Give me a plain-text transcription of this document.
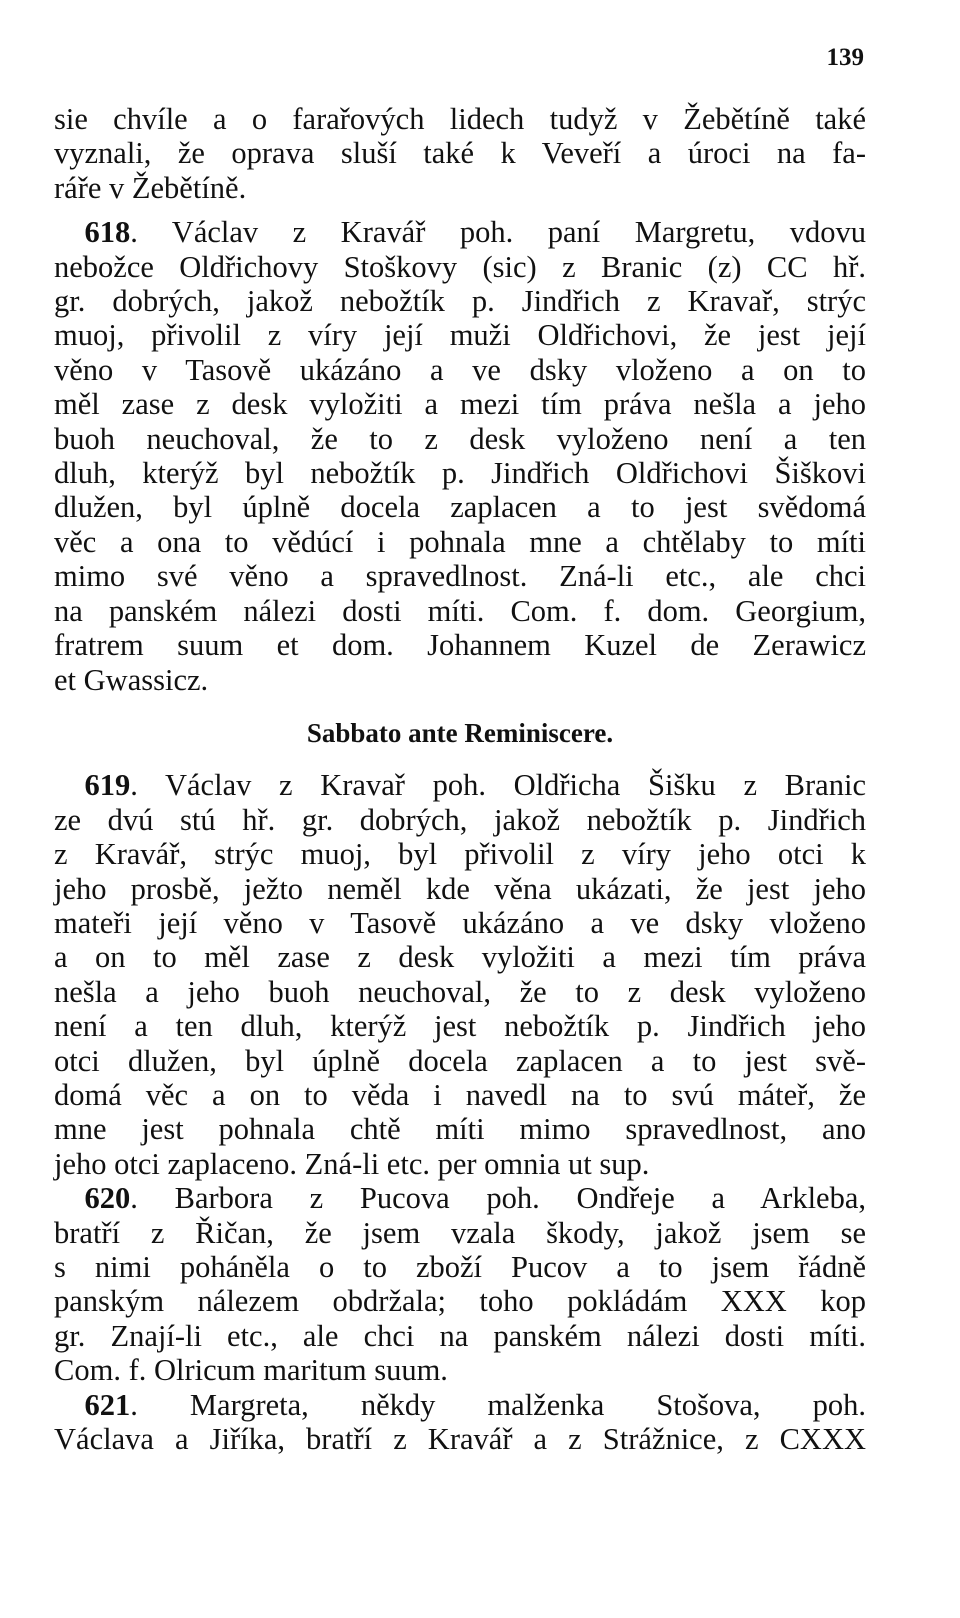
139
sie chvíle a o farařových lidech tudyž v Žebětíně také
vyznali, že oprava sluší také k Veveří a úroci na fa-
ráře v Žebětíně.
 618. Václav z Kravář poh. paní Margretu, vdovu
nebožce Oldřichovy Stoškovy (sic) z Branic (z) CC hř.
gr. dobrých, jakož nebožtík p. Jindřich z Kravař, strýc
muoj, přivolil z víry její muži Oldřichovi, že jest její
věno v Tasově ukázáno a ve dsky vloženo a on to
měl zase z desk vyložiti a mezi tím práva nešla a jeho
buoh neuchoval, že to z desk vyloženo není a ten
dluh, kterýž byl nebožtík p. Jindřich Oldřichovi Šiškovi
dlužen, byl úplně docela zaplacen a to jest svědomá
věc a ona to vědúcí i pohnala mne a chtělaby to míti
mimo své věno a spravedlnost. Zná-li etc., ale chci
na panském nálezi dosti míti. Com. f. dom. Georgium,
fratrem suum et dom. Johannem Kuzel de Zerawicz
et Gwassicz.
Sabbato ante Reminiscere.
 619. Václav z Kravař poh. Oldřicha Šišku z Branic
ze dvú stú hř. gr. dobrých, jakož nebožtík p. Jindřich
z Kravář, strýc muoj, byl přivolil z víry jeho otci k
jeho prosbě, ježto neměl kde věna ukázati, že jest jeho
mateři její věno v Tasově ukázáno a ve dsky vloženo
a on to měl zase z desk vyložiti a mezi tím práva
nešla a jeho buoh neuchoval, že to z desk vyloženo
není a ten dluh, kterýž jest nebožtík p. Jindřich jeho
otci dlužen, byl úplně docela zaplacen a to jest svě-
domá věc a on to věda i navedl na to svú máteř, že
mne jest pohnala chtě míti mimo spravedlnost, ano
jeho otci zaplaceno. Zná-li etc. per omnia ut sup.
 620. Barbora z Pucova poh. Ondřeje a Arkleba,
bratří z Řičan, že jsem vzala škody, jakož jsem se
s nimi poháněla o to zboží Pucov a to jsem řádně
panským nálezem obdržala; toho pokládám XXX kop
gr. Znají-li etc., ale chci na panském nálezi dosti míti.
Com. f. Olricum maritum suum.
 621. Margreta, někdy malženka Stošova, poh.
Václava a Jiříka, bratří z Kravář a z Strážnice, z CXXX
